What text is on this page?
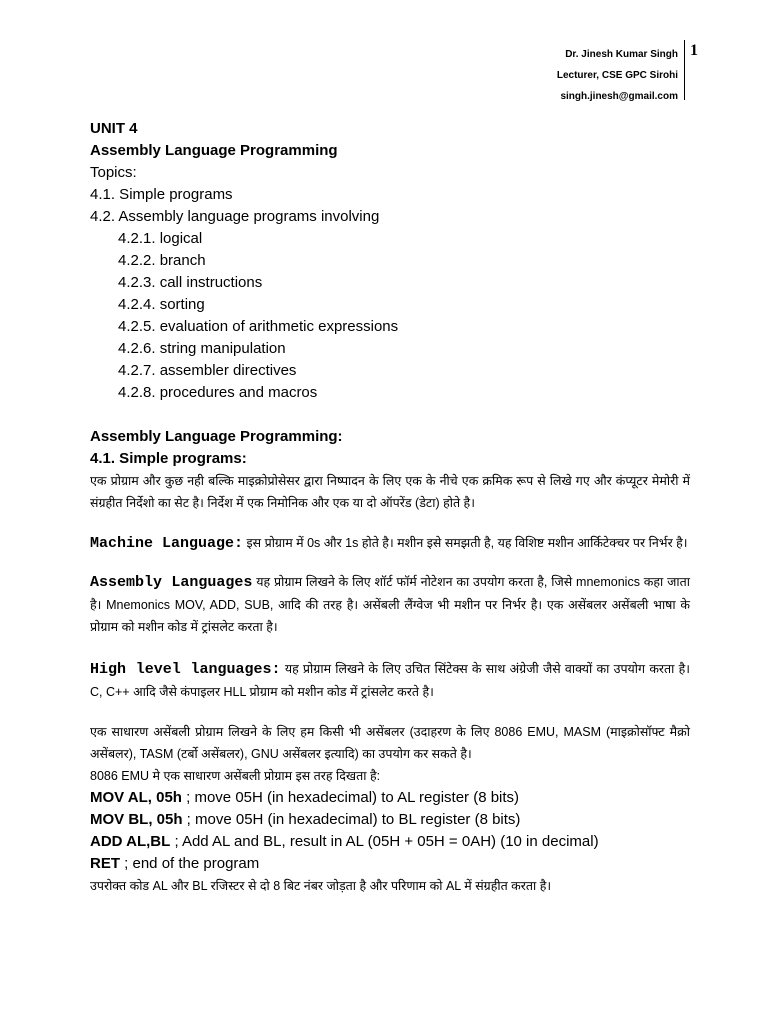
Dr. Jinesh Kumar Singh
Lecturer, CSE GPC Sirohi
singh.jinesh@gmail.com
1
UNIT 4
Assembly Language Programming
Topics:
4.1. Simple programs
4.2. Assembly language programs involving
4.2.1. logical
4.2.2. branch
4.2.3. call instructions
4.2.4. sorting
4.2.5. evaluation of arithmetic expressions
4.2.6. string manipulation
4.2.7. assembler directives
4.2.8. procedures and macros
Assembly Language Programming:
4.1. Simple programs:
एक प्रोग्राम और कुछ नही बल्कि माइक्रोप्रोसेसर द्वारा निष्पादन के लिए एक के नीचे एक क्रमिक रूप से लिखे गए और कंप्यूटर मेमोरी में संग्रहीत निर्देशो का सेट है। निर्देश में एक निमोनिक और एक या दो ऑपरेंड (डेटा) होते है।
Machine Language: इस प्रोग्राम में 0s और 1s होते है। मशीन इसे समझती है, यह विशिष्ट मशीन आर्किटेक्चर पर निर्भर है।
Assembly Languages यह प्रोग्राम लिखने के लिए शॉर्ट फॉर्म नोटेशन का उपयोग करता है, जिसे mnemonics कहा जाता है। Mnemonics MOV, ADD, SUB, आदि की तरह है। असेंबली लैंग्वेज भी मशीन पर निर्भर है। एक असेंबलर असेंबली भाषा के प्रोग्राम को मशीन कोड में ट्रांसलेट करता है।
High level languages: यह प्रोग्राम लिखने के लिए उचित सिंटेक्स के साथ अंग्रेजी जैसे वाक्यों का उपयोग करता है। C, C++ आदि जैसे कंपाइलर HLL प्रोग्राम को मशीन कोड में ट्रांसलेट करते है।
एक साधारण असेंबली प्रोग्राम लिखने के लिए हम किसी भी असेंबलर (उदाहरण के लिए 8086 EMU, MASM (माइक्रोसॉफ्ट मैक्रो असेंबलर), TASM (टर्बो असेंबलर), GNU असेंबलर इत्यादि) का उपयोग कर सकते है।
8086 EMU मे एक साधारण असेंबली प्रोग्राम इस तरह दिखता है:
MOV AL, 05h ; move 05H (in hexadecimal) to AL register (8 bits)
MOV BL, 05h ; move 05H (in hexadecimal) to BL register (8 bits)
ADD AL,BL ; Add AL and BL, result in AL (05H + 05H = 0AH) (10 in decimal)
RET ; end of the program
उपरोक्त कोड AL और BL रजिस्टर से दो 8 बिट नंबर जोड़ता है और परिणाम को AL में संग्रहीत करता है।
